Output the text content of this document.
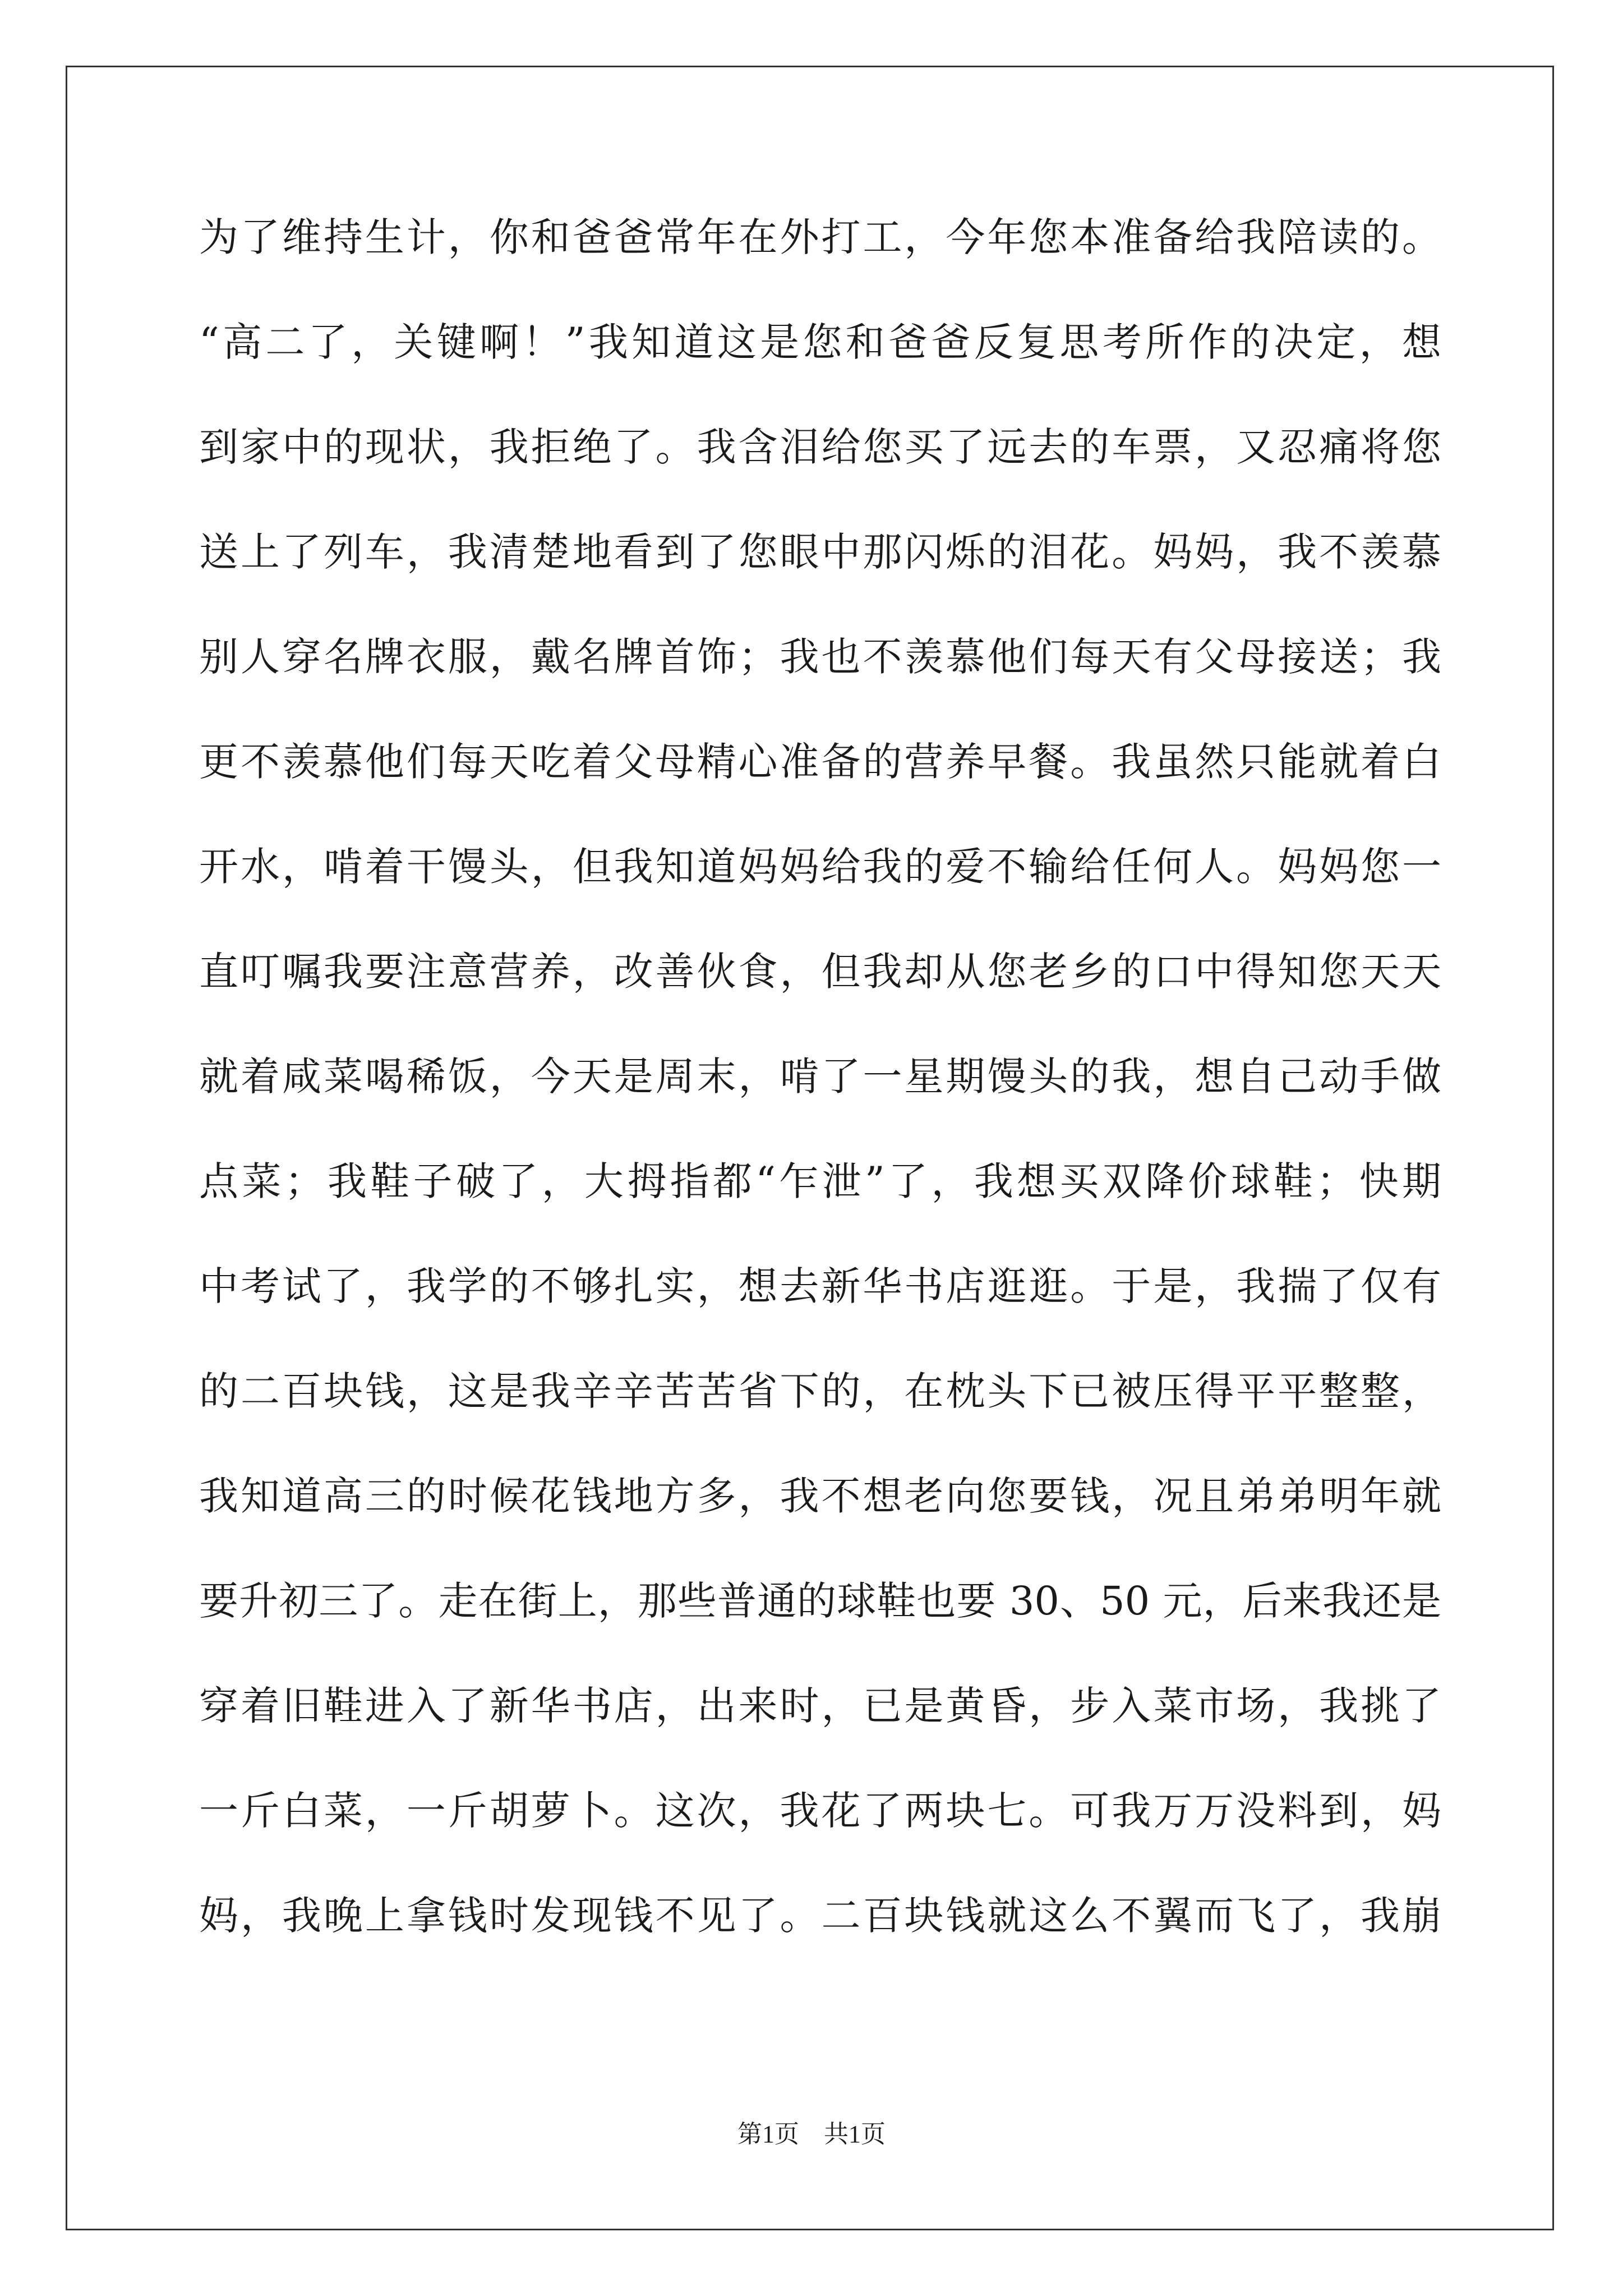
为了维持生计，你和爸爸常年在外打工，今年您本准备给我陪读的。
“高二了，关键啊！”我知道这是您和爸爸反复思考所作的决定，想
到家中的现状，我拒绝了。我含泪给您买了远去的车票，又忍痛将您
送上了列车，我清楚地看到了您眼中那闪烁的泪花。妈妈，我不羡慕
别人穿名牌衣服，戴名牌首饰；我也不羡慕他们每天有父母接送；我
更不羡慕他们每天吃着父母精心准备的营养早餐。我虽然只能就着白
开水，啃着干馒头，但我知道妈妈给我的爱不输给任何人。妈妈您一
直叮嘱我要注意营养，改善伙食，但我却从您老乡的口中得知您天天
就着咸菜喝稀饭，今天是周末，啃了一星期馒头的我，想自己动手做
点菜；我鞋子破了，大拇指都“乍泄”了，我想买双降价球鞋；快期
中考试了，我学的不够扎实，想去新华书店逛逛。于是，我揣了仅有
的二百块钱，这是我辛辛苦苦省下的，在枕头下已被压得平平整整，
我知道高三的时候花钱地方多，我不想老向您要钱，况且弟弟明年就
要升初三了。走在街上，那些普通的球鞋也要 30、50 元，后来我还是
穿着旧鞋进入了新华书店，出来时，已是黄昏，步入菜市场，我挑了
一斤白菜，一斤胡萝卜。这次，我花了两块七。可我万万没料到，妈
妈，我晚上拿钱时发现钱不见了。二百块钱就这么不翼而飞了，我崩
第1页　共1页
